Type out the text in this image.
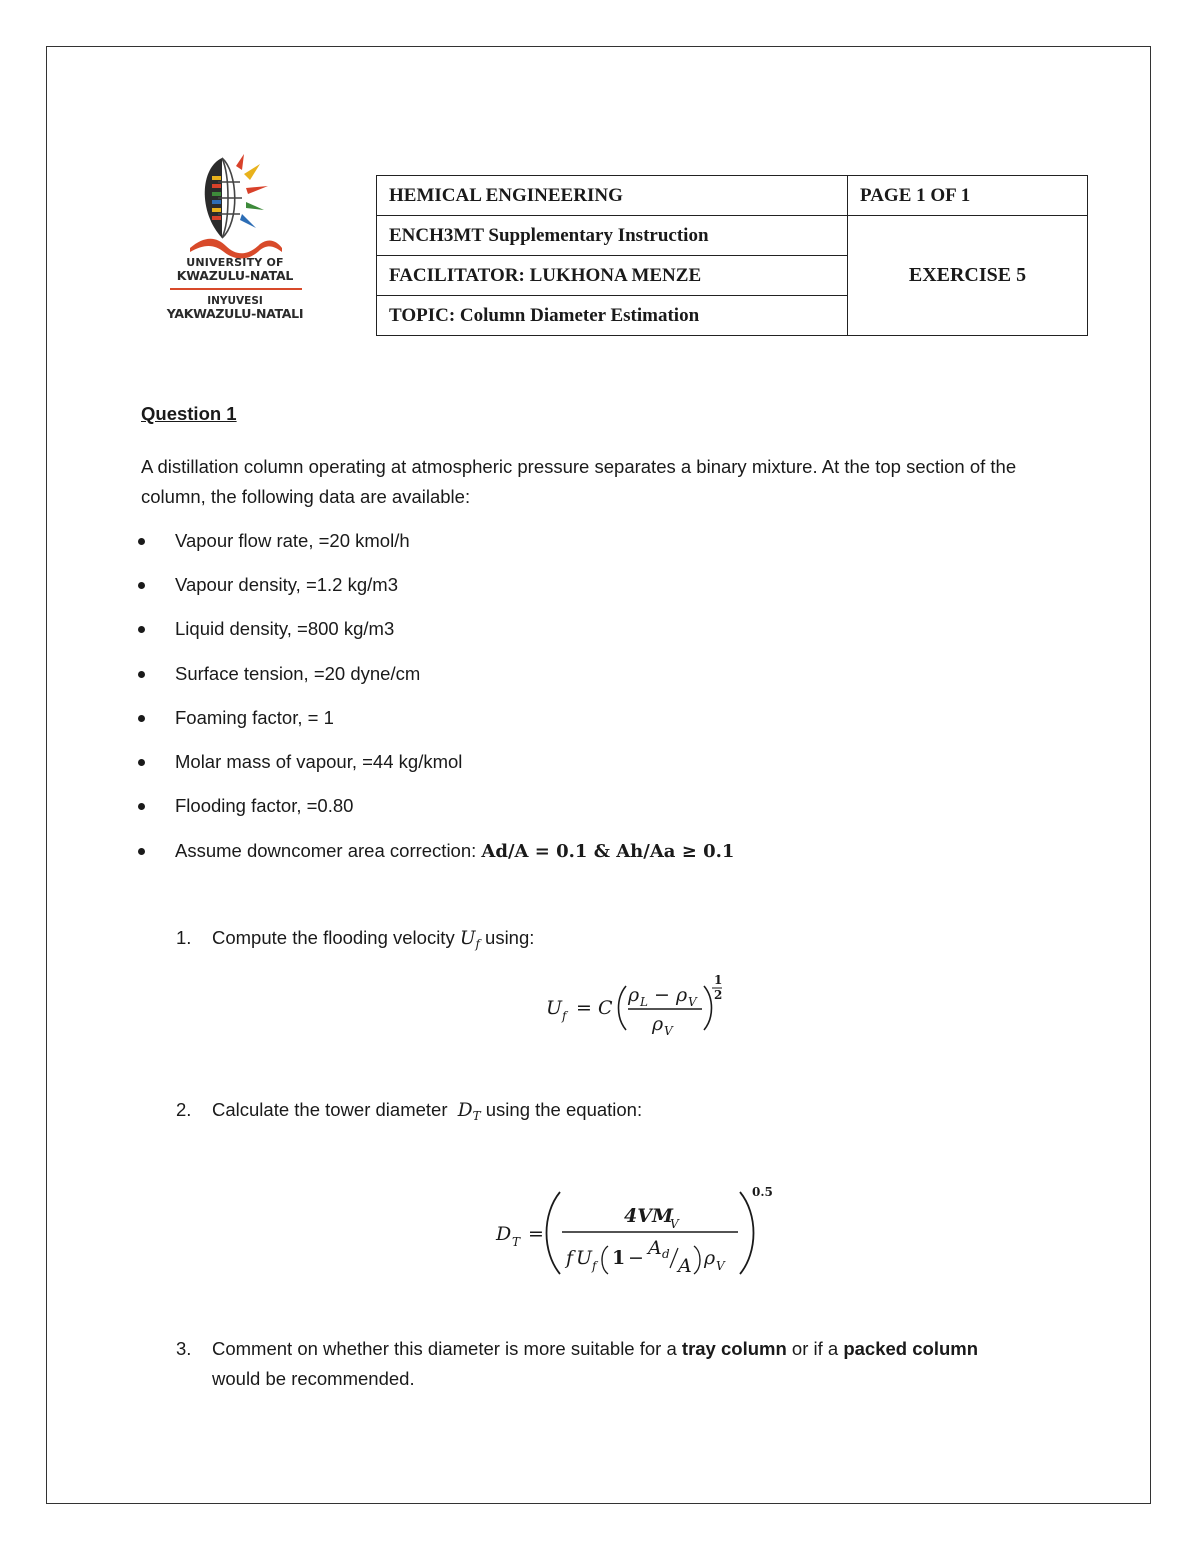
UNIVERSITY OF
KWAZULU-NATAL
INYUVESI
YAKWAZULU-NATALI
HEMICAL ENGINEERING	PAGE 1 OF 1
ENCH3MT Supplementary Instruction	EXERCISE 5
FACILITATOR: LUKHONA MENZE	
TOPIC: Column Diameter Estimation	
Question 1
A distillation column operating at atmospheric pressure separates a binary mixture. At the top section of the column, the following data are available:
Vapour flow rate, =20 kmol/h
Vapour density, =1.2 kg/m3
Liquid density, =800 kg/m3
Surface tension, =20 dyne/cm
Foaming factor, = 1
Molar mass of vapour, =44 kg/kmol
Flooding factor, =0.80
Assume downcomer area correction: Ad/A = 0.1 & Ah/Aa ≥ 0.1
1. Compute the flooding velocity $U_f$ using:
U f = C
ρ L − ρ V
ρ V
1
2
2. Calculate the tower diameter $D_T$ using the equation:
D T =
4VM
V
f U f 1 − A d
A ρ V
0.5
3. Comment on whether this diameter is more suitable for a tray column or if a packed column would be recommended.
